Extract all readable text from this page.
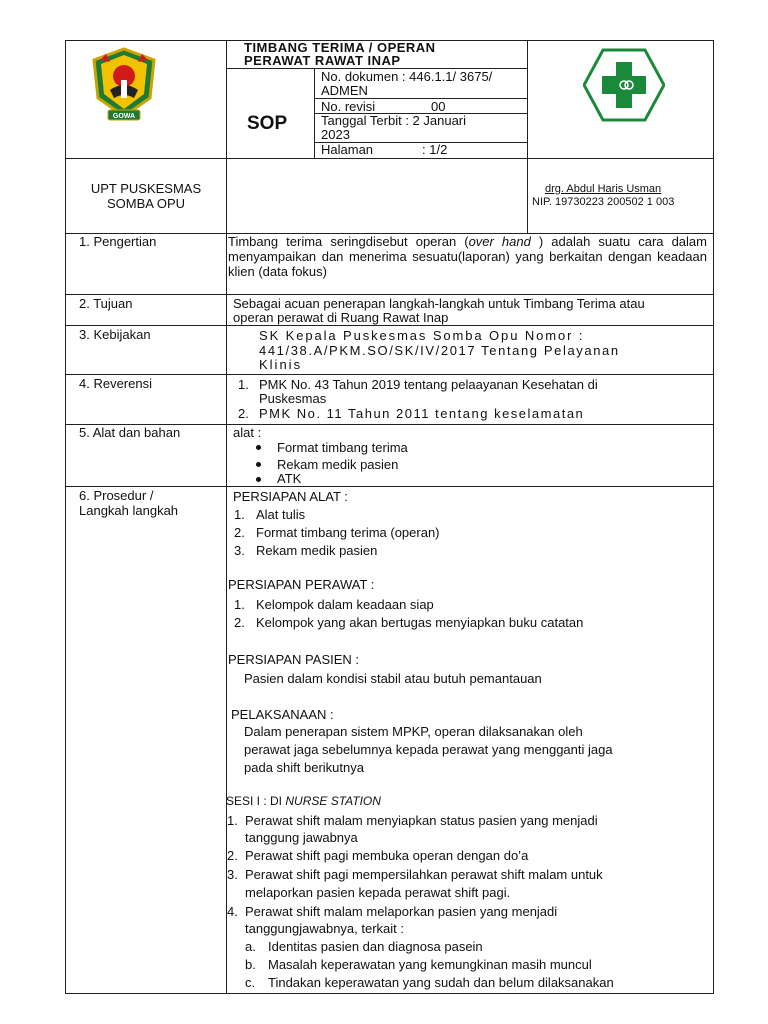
GOWA
TIMBANG TERIMA / OPERAN
PERAWAT RAWAT INAP
SOP
No. dokumen : 446.1.1/ 3675/
ADMEN
No. revisi	00
Tanggal Terbit : 2 Januari
2023
Halaman	: 1/2
UPT PUSKESMAS
SOMBA OPU
drg. Abdul Haris Usman
NIP. 19730223 200502 1 003
1. Pengertian	Timbang terima seringdisebut operan (over hand ) adalah suatu cara dalam menyampaikan dan menerima sesuatu(laporan) yang berkaitan dengan keadaan klien (data fokus)
2. Tujuan	Sebagai acuan penerapan langkah-langkah untuk Timbang Terima atau
operan perawat di Ruang Rawat Inap
3. Kebijakan	SK Kepala Puskesmas Somba Opu Nomor :
441/38.A/PKM.SO/SK/IV/2017 Tentang Pelayanan
Klinis
4. Reverensi	1. PMK No. 43 Tahun 2019 tentang pelaayanan Kesehatan di
Puskesmas
2. PMK No. 11 Tahun 2011 tentang keselamatan
5. Alat dan bahan	alat :
Format timbang terima
Rekam medik pasien
ATK
6. Prosedur /
Langkah langkah
PERSIAPAN ALAT :
1. Alat tulis
2. Format timbang terima (operan)
3. Rekam medik pasien
PERSIAPAN PERAWAT :
1. Kelompok dalam keadaan siap
2. Kelompok yang akan bertugas menyiapkan buku catatan
PERSIAPAN PASIEN :
Pasien dalam kondisi stabil atau butuh pemantauan
PELAKSANAAN :
Dalam penerapan sistem MPKP, operan dilaksanakan oleh
perawat jaga sebelumnya kepada perawat yang mengganti jaga
pada shift berikutnya
SESI I : DI NURSE STATION
1. Perawat shift malam menyiapkan status pasien yang menjadi
tanggung jawabnya
2. Perawat shift pagi membuka operan dengan do’a
3. Perawat shift pagi mempersilahkan perawat shift malam untuk
melaporkan pasien kepada perawat shift pagi.
4. Perawat shift malam melaporkan pasien yang menjadi
tanggungjawabnya, terkait :
a. Identitas pasien dan diagnosa pasein
b. Masalah keperawatan yang kemungkinan masih muncul
c. Tindakan keperawatan yang sudah dan belum dilaksanakan
